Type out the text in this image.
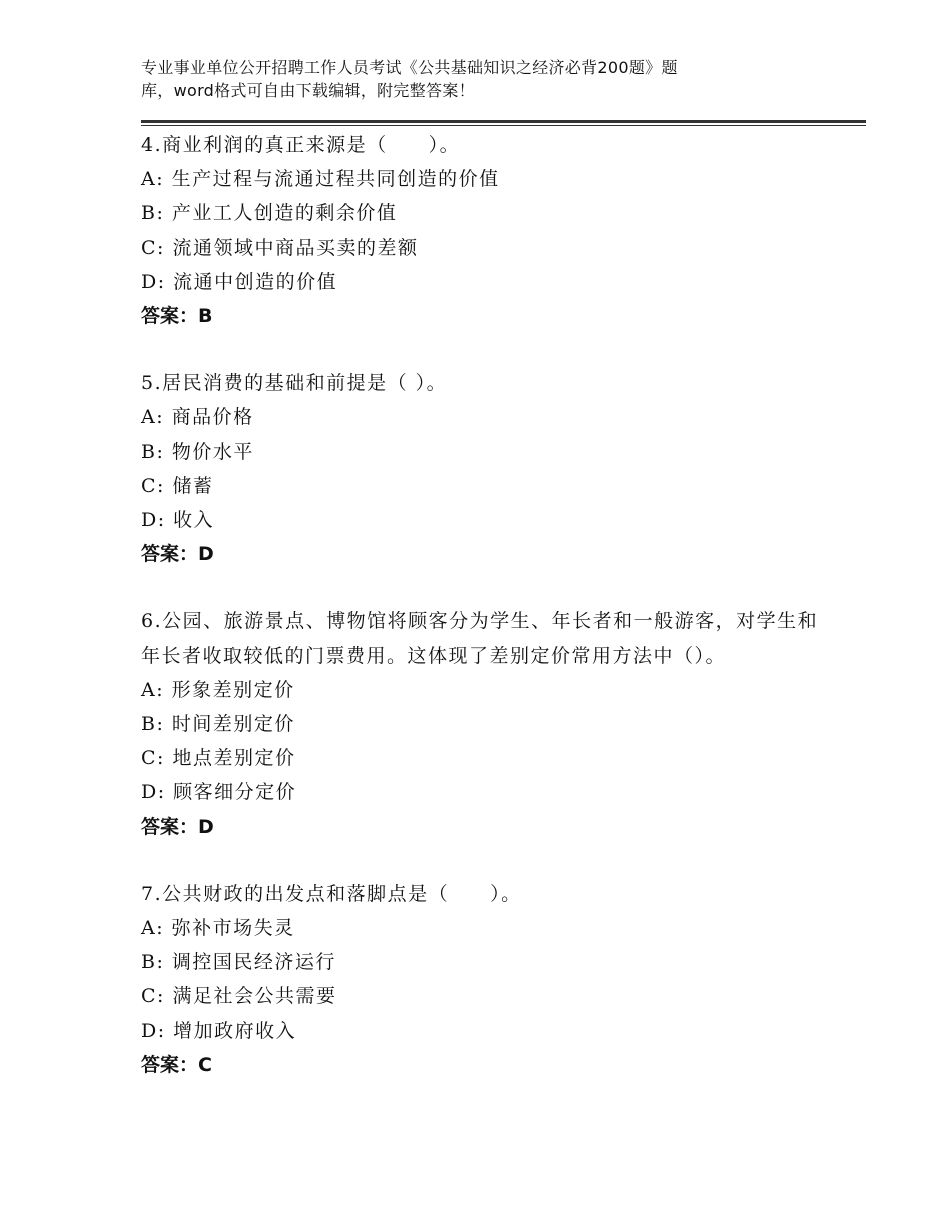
专业事业单位公开招聘工作人员考试《公共基础知识之经济必背200题》题
库，word格式可自由下载编辑，附完整答案！
4.商业利润的真正来源是（　　）。
A: 生产过程与流通过程共同创造的价值
B: 产业工人创造的剩余价值
C: 流通领域中商品买卖的差额
D: 流通中创造的价值
答案：B
5.居民消费的基础和前提是（ ）。
A: 商品价格
B: 物价水平
C: 储蓄
D: 收入
答案：D
6.公园、旅游景点、博物馆将顾客分为学生、年长者和一般游客，对学生和年长者收取较低的门票费用。这体现了差别定价常用方法中（）。
A: 形象差别定价
B: 时间差别定价
C: 地点差别定价
D: 顾客细分定价
答案：D
7.公共财政的出发点和落脚点是（　　）。
A: 弥补市场失灵
B: 调控国民经济运行
C: 满足社会公共需要
D: 增加政府收入
答案：C
